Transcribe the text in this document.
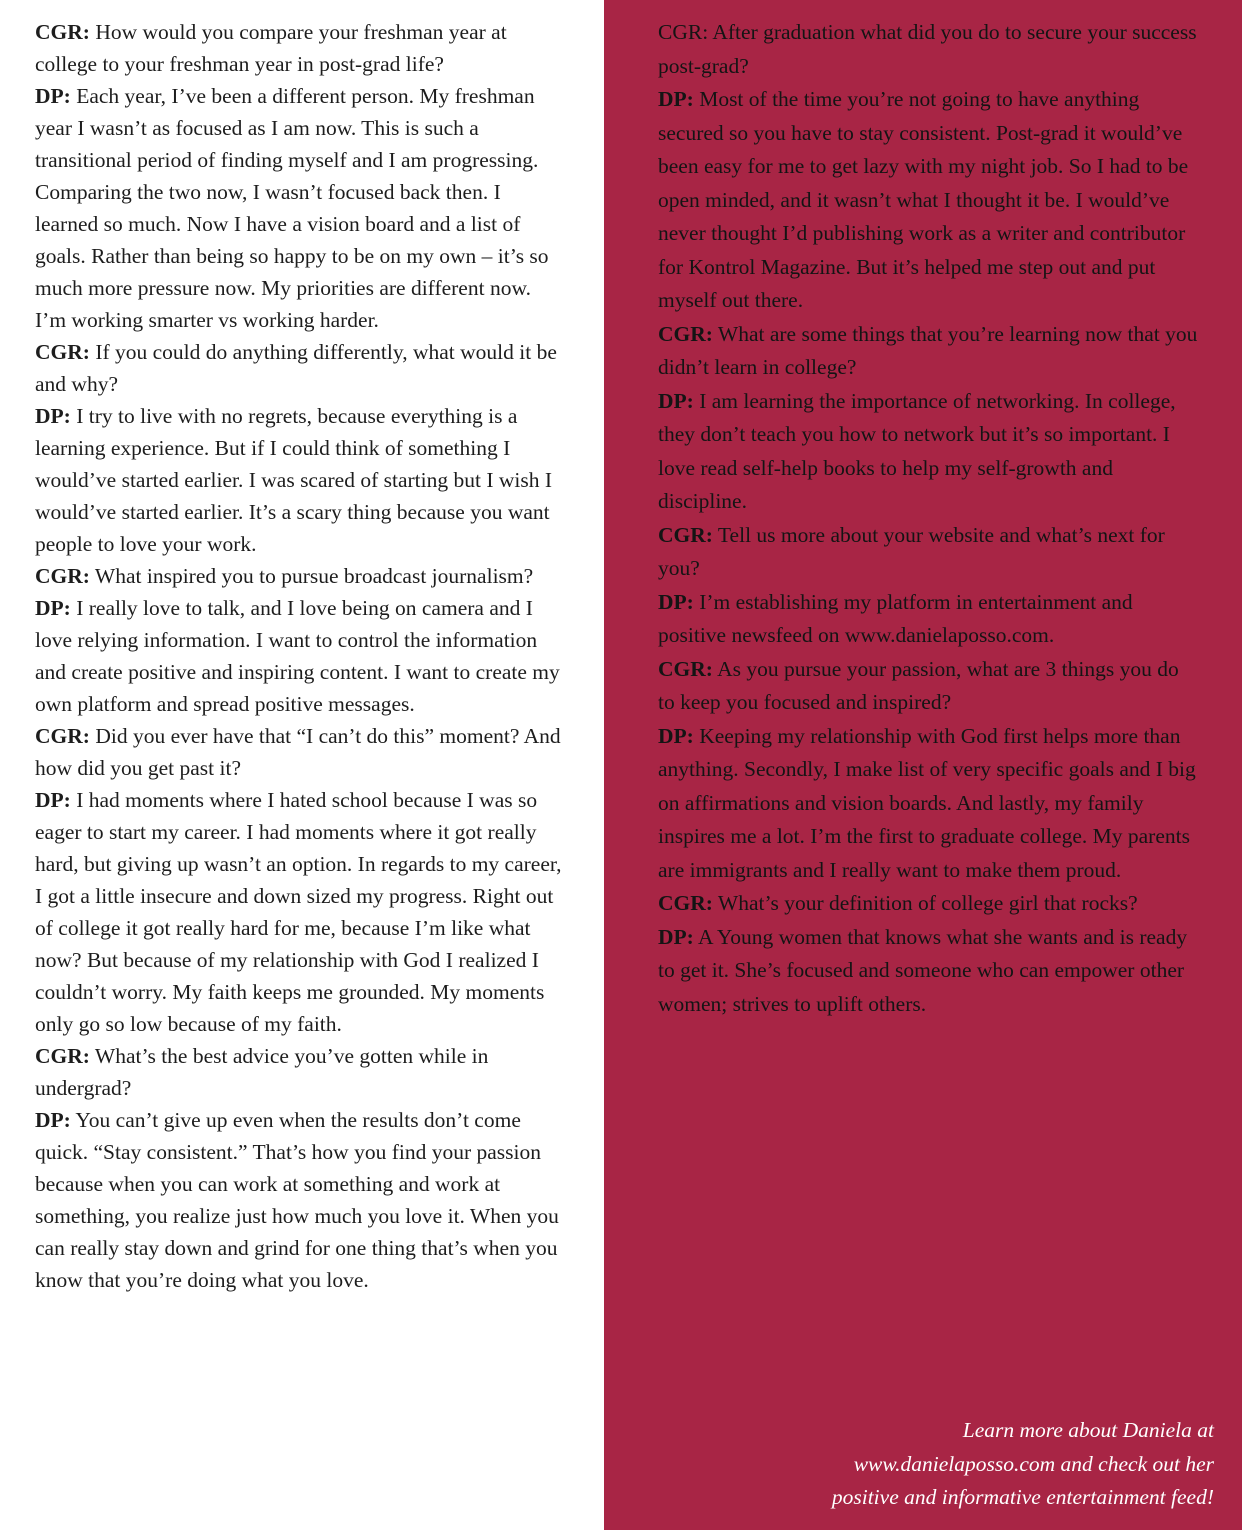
CGR: How would you compare your freshman year at college to your freshman year in post-grad life?

DP: Each year, I’ve been a different person. My freshman year I wasn’t as focused as I am now. This is such a transitional period of finding myself and I am progressing. Comparing the two now, I wasn’t focused back then. I learned so much. Now I have a vision board and a list of goals. Rather than being so happy to be on my own – it’s so much more pressure now. My priorities are different now. I’m working smarter vs working harder.

CGR: If you could do anything differently, what would it be and why?

DP: I try to live with no regrets, because everything is a learning experience. But if I could think of something I would’ve started earlier. I was scared of starting but I wish I would’ve started earlier. It’s a scary thing because you want people to love your work.

CGR: What inspired you to pursue broadcast journalism?

DP: I really love to talk, and I love being on camera and I love relying information. I want to control the information and create positive and inspiring content. I want to create my own platform and spread positive messages.

CGR: Did you ever have that “I can’t do this” moment? And how did you get past it?

DP: I had moments where I hated school because I was so eager to start my career. I had moments where it got really hard, but giving up wasn’t an option. In regards to my career, I got a little insecure and down sized my progress. Right out of college it got really hard for me, because I’m like what now? But because of my relationship with God I realized I couldn’t worry. My faith keeps me grounded. My moments only go so low because of my faith.

CGR: What’s the best advice you’ve gotten while in undergrad?

DP: You can’t give up even when the results don’t come quick. “Stay consistent.” That’s how you find your passion because when you can work at something and work at something, you realize just how much you love it. When you can really stay down and grind for one thing that’s when you know that you’re doing what you love.

CGR: After graduation what did you do to secure your success post-grad?

DP: Most of the time you’re not going to have anything secured so you have to stay consistent. Post-grad it would’ve been easy for me to get lazy with my night job. So I had to be open minded, and it wasn’t what I thought it be. I would’ve never thought I’d publishing work as a writer and contributor for Kontrol Magazine. But it’s helped me step out and put myself out there.

CGR: What are some things that you’re learning now that you didn’t learn in college?

DP: I am learning the importance of networking. In college, they don’t teach you how to network but it’s so important. I love read self-help books to help my self-growth and discipline.

CGR: Tell us more about your website and what’s next for you?

DP: I’m establishing my platform in entertainment and positive newsfeed on www.danielaposso.com.

CGR: As you pursue your passion, what are 3 things you do to keep you focused and inspired?

DP: Keeping my relationship with God first helps more than anything. Secondly, I make list of very specific goals and I big on affirmations and vision boards. And lastly, my family inspires me a lot. I’m the first to graduate college. My parents are immigrants and I really want to make them proud.

CGR: What’s your definition of college girl that rocks?

DP: A Young women that knows what she wants and is ready to get it. She’s focused and someone who can empower other women; strives to uplift others.

Learn more about Daniela at
www.danielaposso.com and check out her
positive and informative entertainment feed!
